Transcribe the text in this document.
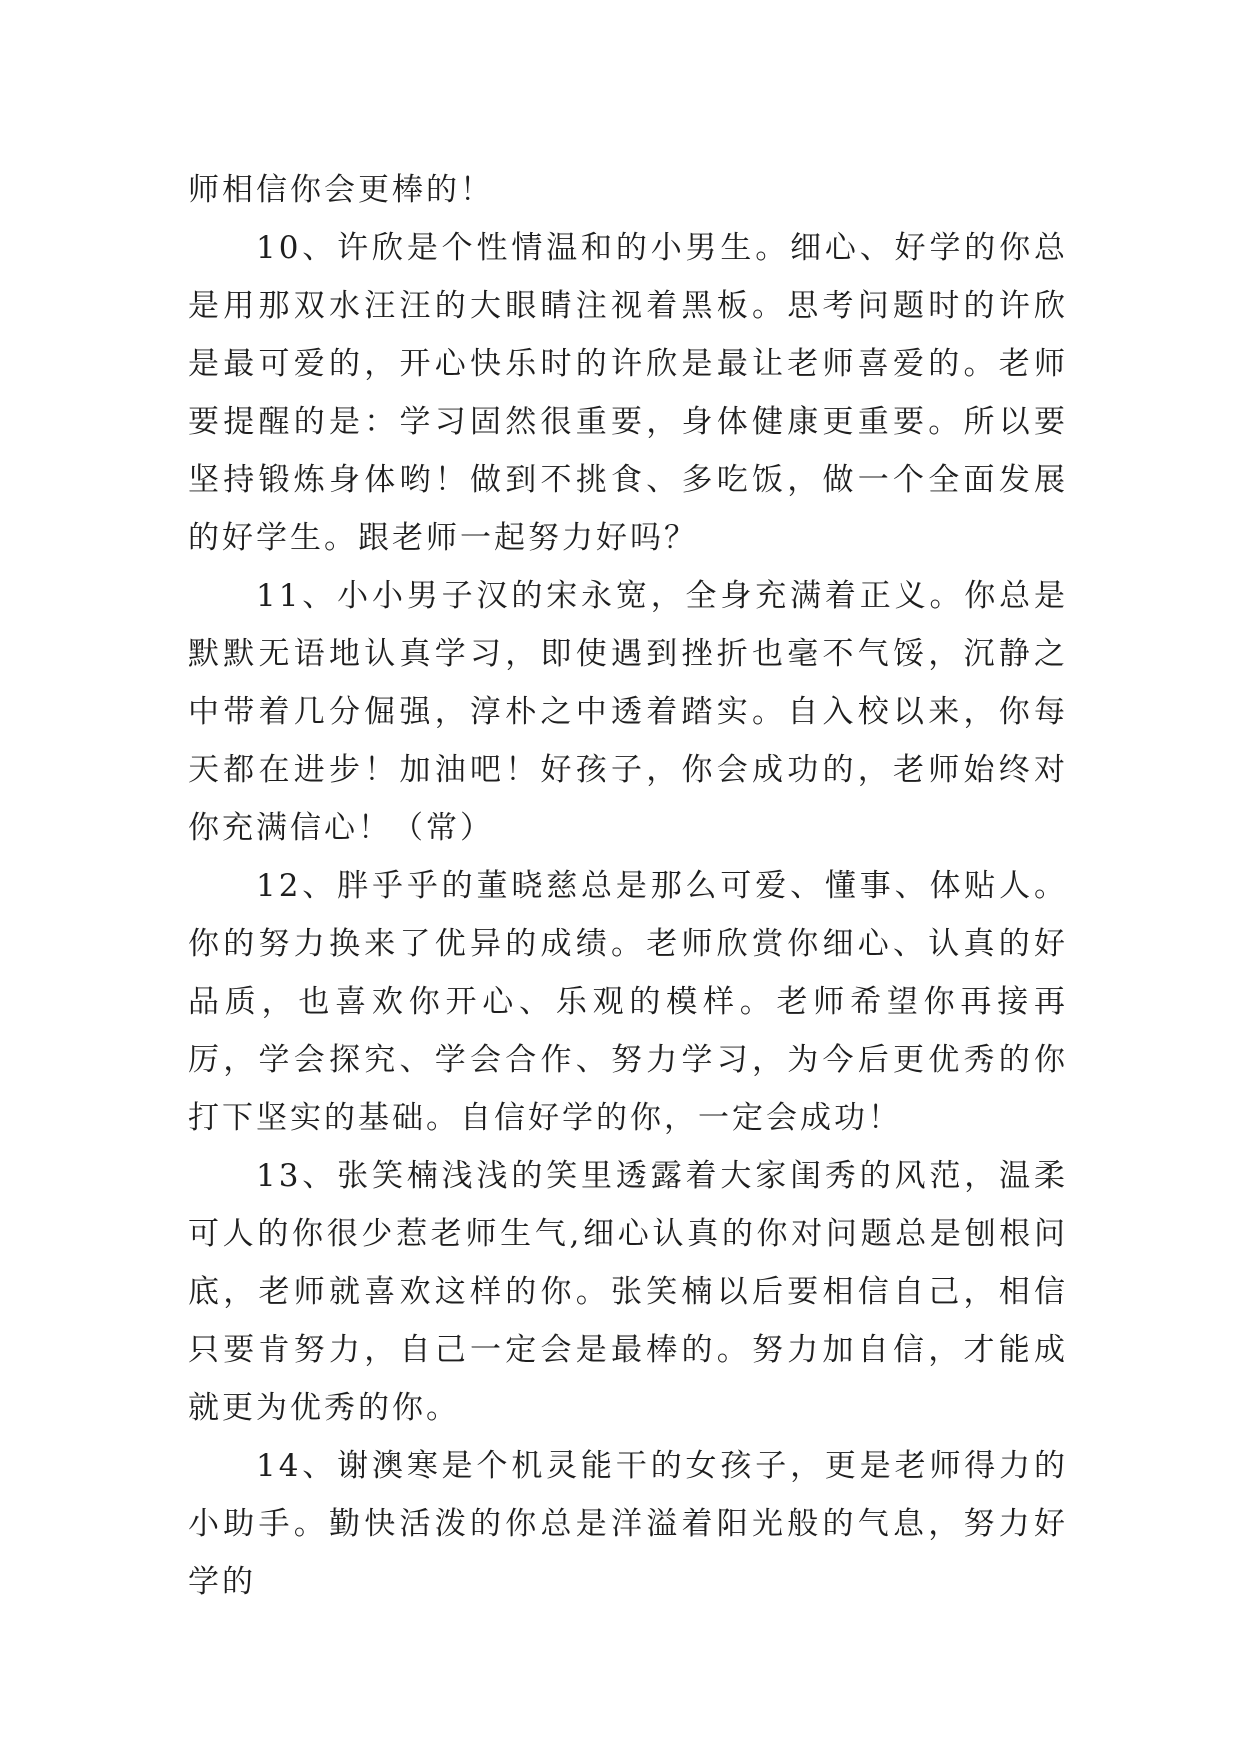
师相信你会更棒的！

10、许欣是个性情温和的小男生。细心、好学的你总是用那双水汪汪的大眼睛注视着黑板。思考问题时的许欣是最可爱的，开心快乐时的许欣是最让老师喜爱的。老师要提醒的是：学习固然很重要，身体健康更重要。所以要坚持锻炼身体哟！做到不挑食、多吃饭，做一个全面发展的好学生。跟老师一起努力好吗？

11、小小男子汉的宋永宽，全身充满着正义。你总是默默无语地认真学习，即使遇到挫折也毫不气馁，沉静之中带着几分倔强，淳朴之中透着踏实。自入校以来，你每天都在进步！加油吧！好孩子，你会成功的，老师始终对你充满信心！（常）

12、胖乎乎的董晓慈总是那么可爱、懂事、体贴人。你的努力换来了优异的成绩。老师欣赏你细心、认真的好品质，也喜欢你开心、乐观的模样。老师希望你再接再厉，学会探究、学会合作、努力学习，为今后更优秀的你打下坚实的基础。自信好学的你，一定会成功！

13、张笑楠浅浅的笑里透露着大家闺秀的风范，温柔可人的你很少惹老师生气,细心认真的你对问题总是刨根问底，老师就喜欢这样的你。张笑楠以后要相信自己，相信只要肯努力，自己一定会是最棒的。努力加自信，才能成就更为优秀的你。

14、谢澳寒是个机灵能干的女孩子，更是老师得力的小助手。勤快活泼的你总是洋溢着阳光般的气息，努力好学的
